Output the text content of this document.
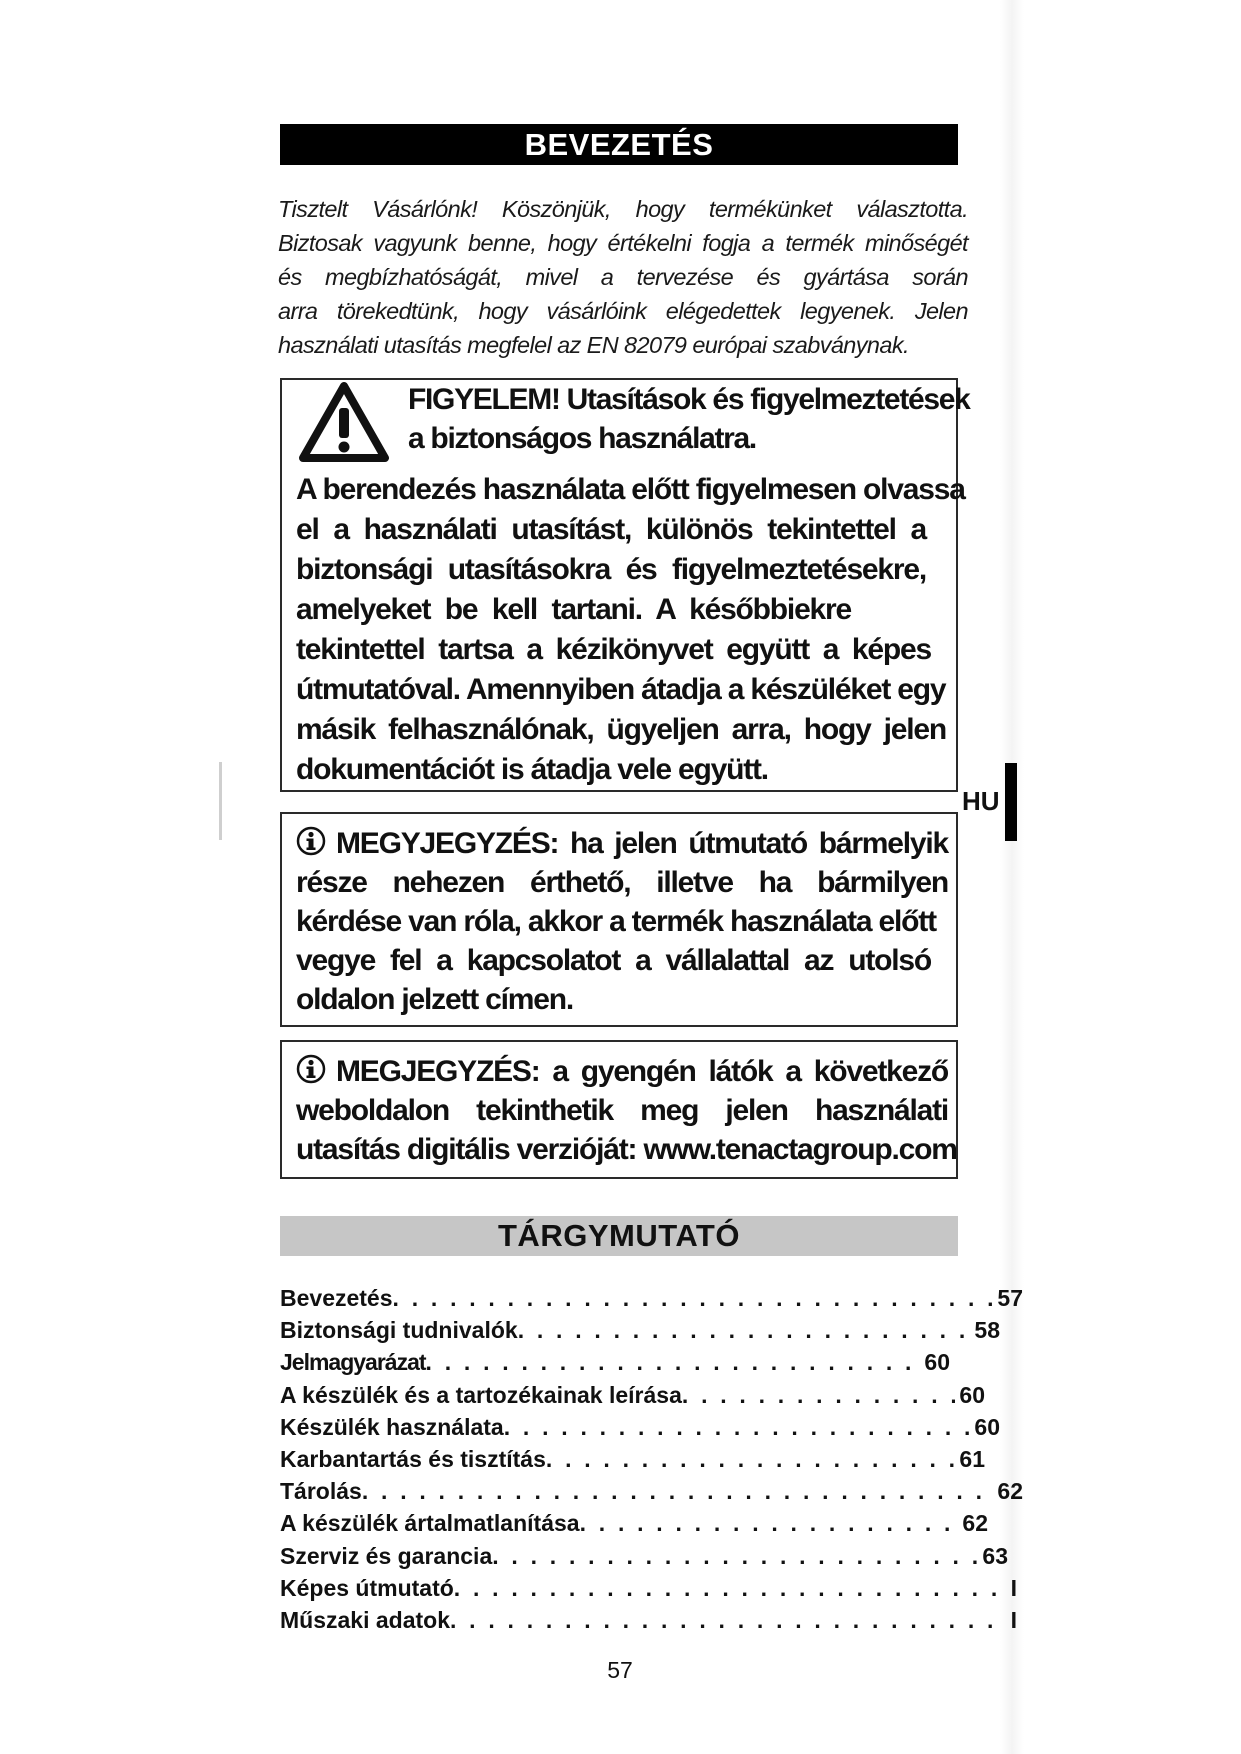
BEVEZETÉS

Tisztelt Vásárlónk! Köszönjük, hogy termékünket választotta.
Biztosak vagyunk benne, hogy értékelni fogja a termék minőségét
és megbízhatóságát, mivel a tervezése és gyártása során
arra törekedtünk, hogy vásárlóink elégedettek legyenek. Jelen
használati utasítás megfelel az EN 82079 európai szabványnak.

FIGYELEM! Utasítások és figyelmeztetések
a biztonságos használatra.

A berendezés használata előtt figyelmesen olvassa
el a használati utasítást, különös tekintettel a
biztonsági utasításokra és figyelmeztetésekre,
amelyeket be kell tartani. A későbbiekre
tekintettel tartsa a kézikönyvet együtt a képes
útmutatóval. Amennyiben átadja a készüléket egy
másik felhasználónak, ügyeljen arra, hogy jelen
dokumentációt is átadja vele együtt.

HU

MEGYJEGYZÉS: ha jelen útmutató bármelyik
része nehezen érthető, illetve ha bármilyen
kérdése van róla, akkor a termék használata előtt
vegye fel a kapcsolatot a vállalattal az utolsó
oldalon jelzett címen.

MEGJEGYZÉS: a gyengén látók a következő
weboldalon tekinthetik meg jelen használati
utasítás digitális verzióját: www.tenactagroup.com

TÁRGYMUTATÓ
Bevezetés . . .	57
Biztonsági tudnivalók . . .	58
Jelmagyarázat . . .	60
A készülék és a tartozékainak leírása . . .	60
Készülék használata . . .	60
Karbantartás és tisztítás . . .	61
Tárolás . . .	62
A készülék ártalmatlanítása . . .	62
Szerviz és garancia . . .	63
Képes útmutató . . .	I
Műszaki adatok . . .	I
57
